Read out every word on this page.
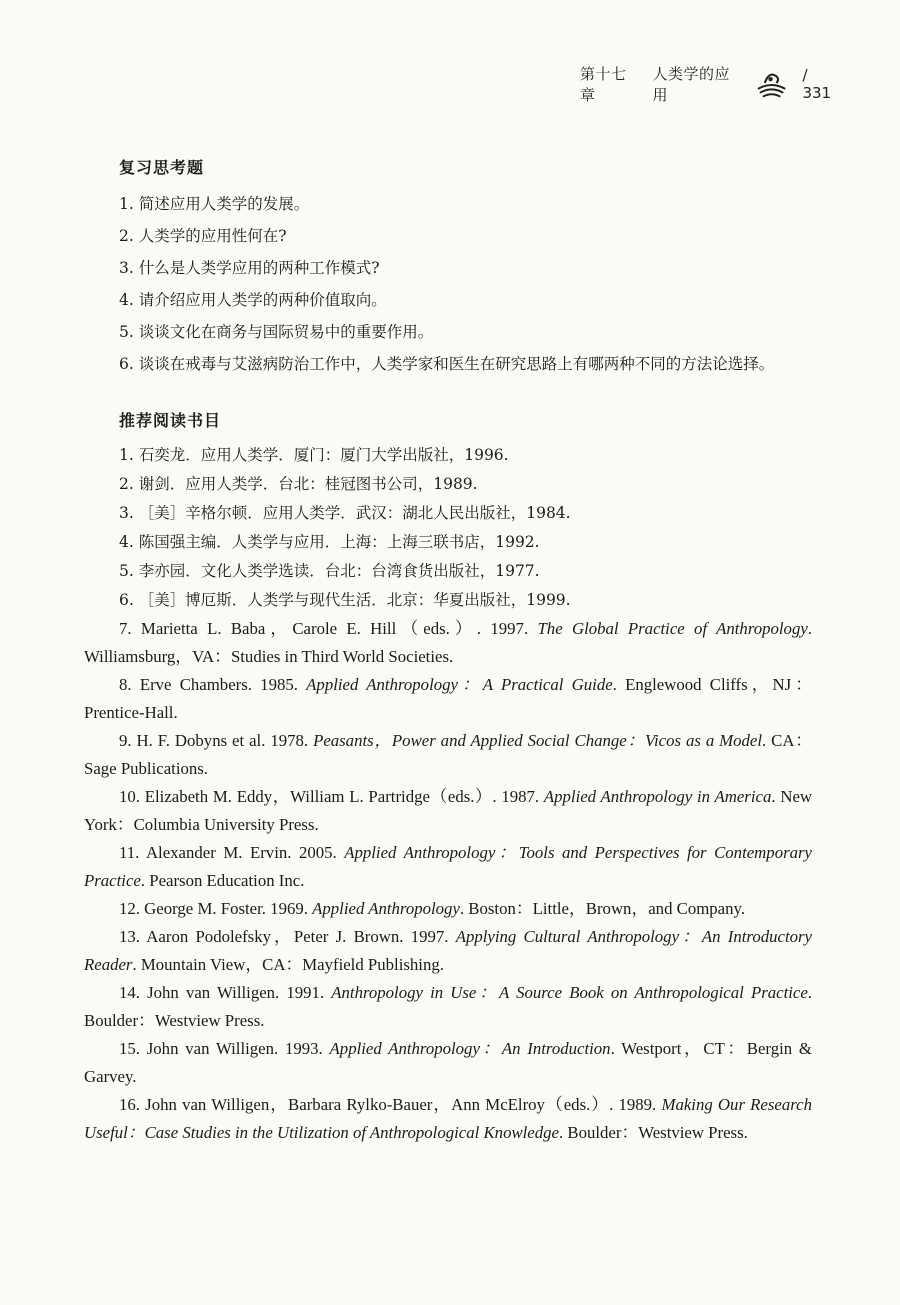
第十七章
人类学的应用
/ 331
复习思考题

1. 简述应用人类学的发展。

2. 人类学的应用性何在?

3. 什么是人类学应用的两种工作模式?

4. 请介绍应用人类学的两种价值取向。

5. 谈谈文化在商务与国际贸易中的重要作用。

6. 谈谈在戒毒与艾滋病防治工作中，人类学家和医生在研究思路上有哪两种不同的方法论选择。

推荐阅读书目

1. 石奕龙．应用人类学．厦门：厦门大学出版社，1996.

2. 谢剑．应用人类学．台北：桂冠图书公司，1989.

3. ［美］辛格尔顿．应用人类学．武汉：湖北人民出版社，1984.

4. 陈国强主编．人类学与应用．上海：上海三联书店，1992.

5. 李亦园．文化人类学选读．台北：台湾食货出版社，1977.

6. ［美］博厄斯．人类学与现代生活．北京：华夏出版社，1999.

7. Marietta L. Baba，Carole E. Hill（eds.）. 1997. The Global Practice of Anthropology. Williamsburg，VA：Studies in Third World Societies.

8. Erve Chambers. 1985. Applied Anthropology：A Practical Guide. Englewood Cliffs，NJ：Prentice-Hall.

9. H. F. Dobyns et al. 1978. Peasants，Power and Applied Social Change：Vicos as a Model. CA：Sage Publications.

10. Elizabeth M. Eddy，William L. Partridge（eds.）. 1987. Applied Anthropology in America. New York：Columbia University Press.

11. Alexander M. Ervin. 2005. Applied Anthropology：Tools and Perspectives for Contemporary Practice. Pearson Education Inc.

12. George M. Foster. 1969. Applied Anthropology. Boston：Little，Brown，and Company.

13. Aaron Podolefsky，Peter J. Brown. 1997. Applying Cultural Anthropology：An Introductory Reader. Mountain View，CA：Mayfield Publishing.

14. John van Willigen. 1991. Anthropology in Use：A Source Book on Anthropological Practice. Boulder：Westview Press.

15. John van Willigen. 1993. Applied Anthropology：An Introduction. Westport，CT：Bergin & Garvey.

16. John van Willigen，Barbara Rylko-Bauer，Ann McElroy（eds.）. 1989. Making Our Research Useful：Case Studies in the Utilization of Anthropological Knowledge. Boulder：Westview Press.
